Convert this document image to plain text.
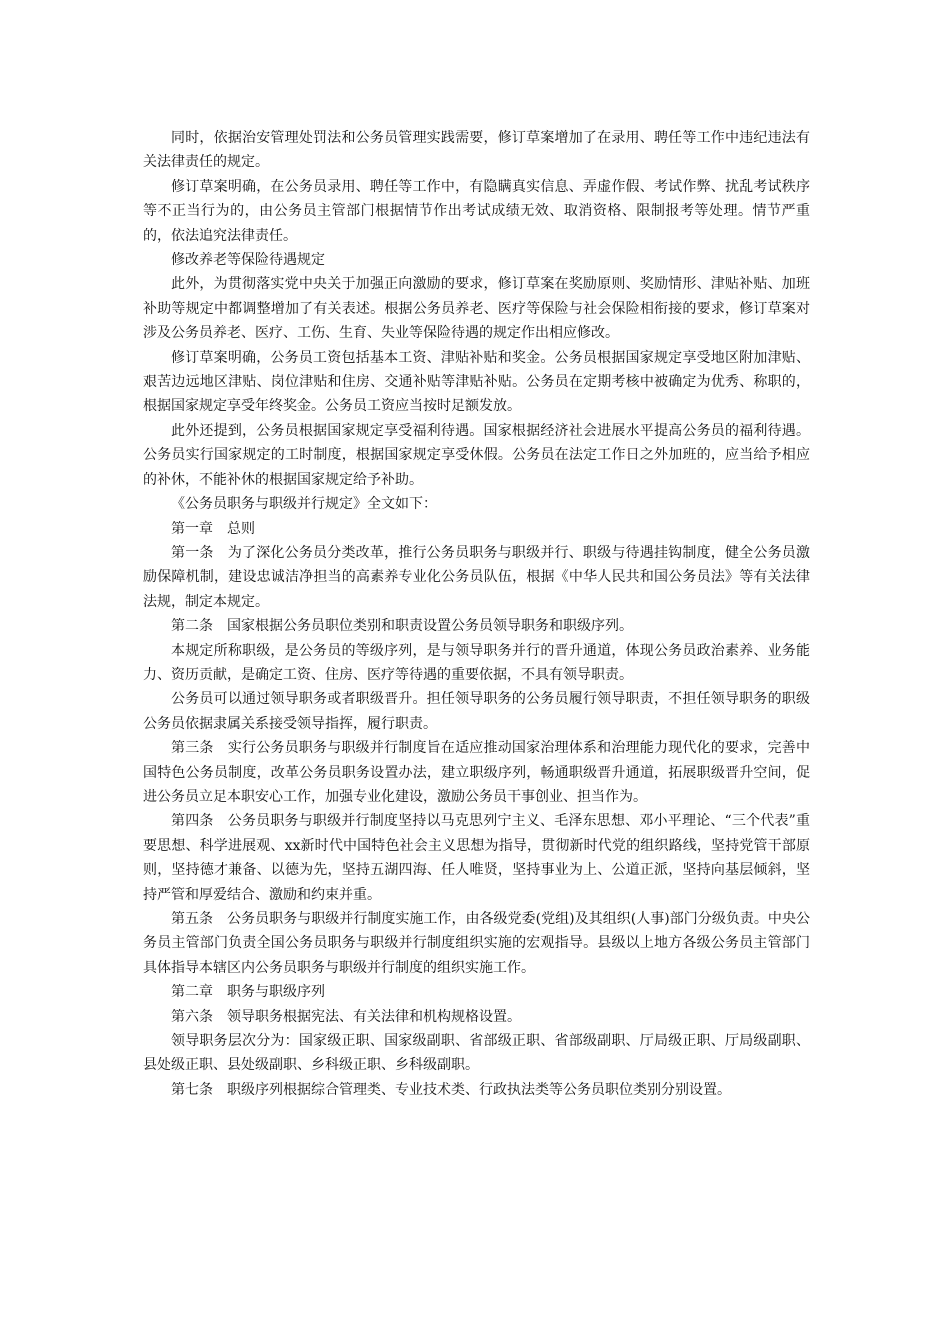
同时，依据治安管理处罚法和公务员管理实践需要，修订草案增加了在录用、聘任等工作中违纪违法有关法律责任的规定。

修订草案明确，在公务员录用、聘任等工作中，有隐瞒真实信息、弄虚作假、考试作弊、扰乱考试秩序等不正当行为的，由公务员主管部门根据情节作出考试成绩无效、取消资格、限制报考等处理。情节严重的，依法追究法律责任。

修改养老等保险待遇规定

此外，为贯彻落实党中央关于加强正向激励的要求，修订草案在奖励原则、奖励情形、津贴补贴、加班补助等规定中都调整增加了有关表述。根据公务员养老、医疗等保险与社会保险相衔接的要求，修订草案对涉及公务员养老、医疗、工伤、生育、失业等保险待遇的规定作出相应修改。

修订草案明确，公务员工资包括基本工资、津贴补贴和奖金。公务员根据国家规定享受地区附加津贴、艰苦边远地区津贴、岗位津贴和住房、交通补贴等津贴补贴。公务员在定期考核中被确定为优秀、称职的，根据国家规定享受年终奖金。公务员工资应当按时足额发放。

此外还提到，公务员根据国家规定享受福利待遇。国家根据经济社会进展水平提高公务员的福利待遇。 公务员实行国家规定的工时制度，根据国家规定享受休假。公务员在法定工作日之外加班的，应当给予相应的补休，不能补休的根据国家规定给予补助。

《公务员职务与职级并行规定》全文如下：

第一章　总则

第一条　为了深化公务员分类改革，推行公务员职务与职级并行、职级与待遇挂钩制度，健全公务员激励保障机制，建设忠诚洁净担当的高素养专业化公务员队伍，根据《中华人民共和国公务员法》等有关法律法规，制定本规定。

第二条　国家根据公务员职位类别和职责设置公务员领导职务和职级序列。

本规定所称职级，是公务员的等级序列，是与领导职务并行的晋升通道，体现公务员政治素养、业务能力、资历贡献，是确定工资、住房、医疗等待遇的重要依据，不具有领导职责。

公务员可以通过领导职务或者职级晋升。担任领导职务的公务员履行领导职责，不担任领导职务的职级公务员依据隶属关系接受领导指挥，履行职责。

第三条　实行公务员职务与职级并行制度旨在适应推动国家治理体系和治理能力现代化的要求，完善中国特色公务员制度，改革公务员职务设置办法，建立职级序列，畅通职级晋升通道，拓展职级晋升空间，促进公务员立足本职安心工作，加强专业化建设，激励公务员干事创业、担当作为。

第四条　公务员职务与职级并行制度坚持以马克思列宁主义、毛泽东思想、邓小平理论、“三个代表”重要思想、科学进展观、xx新时代中国特色社会主义思想为指导，贯彻新时代党的组织路线，坚持党管干部原则，坚持德才兼备、以德为先，坚持五湖四海、任人唯贤，坚持事业为上、公道正派，坚持向基层倾斜，坚持严管和厚爱结合、激励和约束并重。

第五条　公务员职务与职级并行制度实施工作，由各级党委(党组)及其组织(人事)部门分级负责。中央公务员主管部门负责全国公务员职务与职级并行制度组织实施的宏观指导。县级以上地方各级公务员主管部门具体指导本辖区内公务员职务与职级并行制度的组织实施工作。

第二章　职务与职级序列

第六条　领导职务根据宪法、有关法律和机构规格设置。

领导职务层次分为：国家级正职、国家级副职、省部级正职、省部级副职、厅局级正职、厅局级副职、县处级正职、县处级副职、乡科级正职、乡科级副职。

第七条　职级序列根据综合管理类、专业技术类、行政执法类等公务员职位类别分别设置。
